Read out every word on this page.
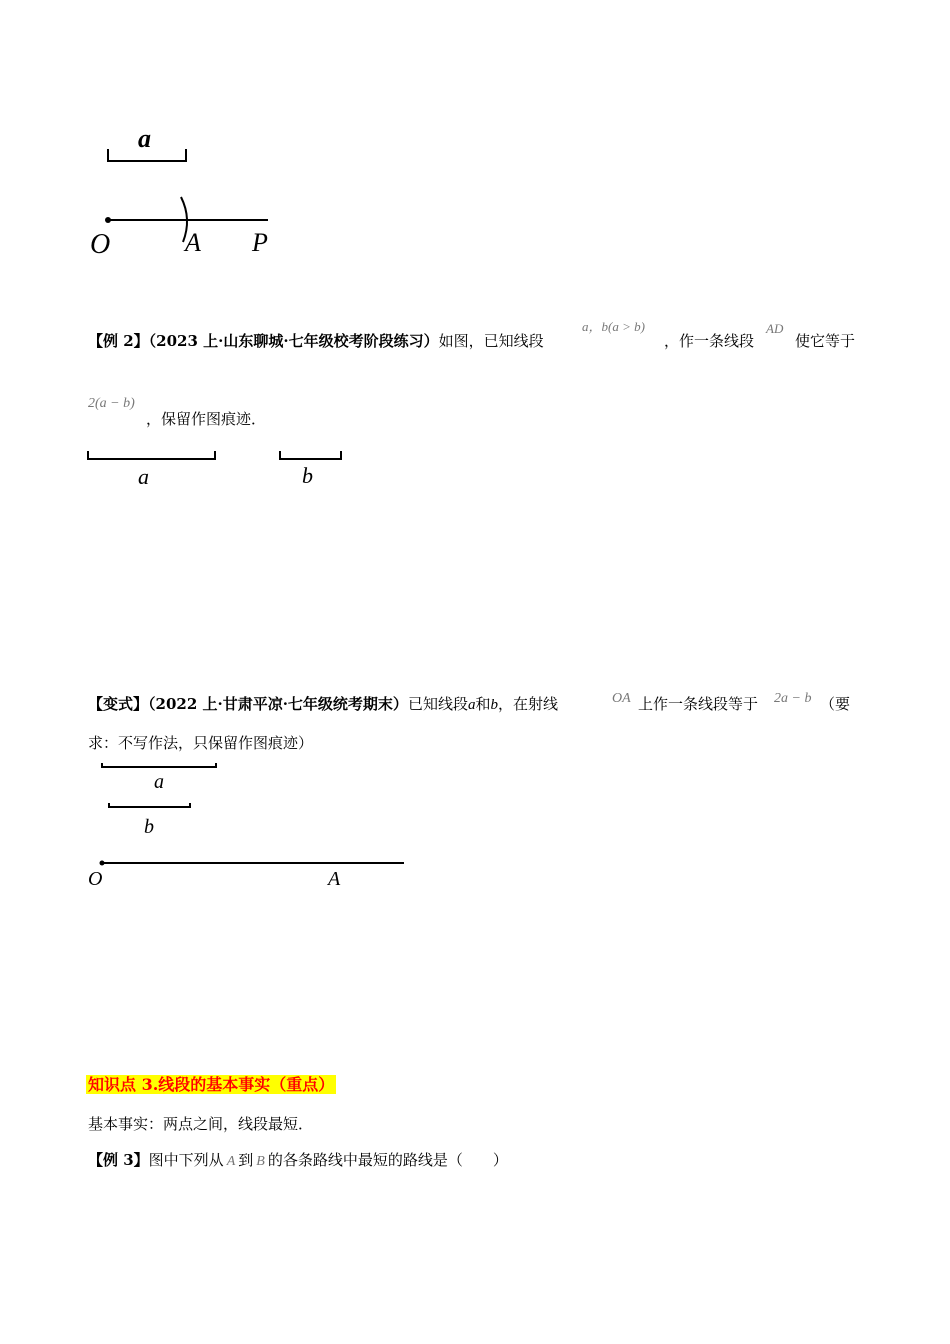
a
O	A P
【例 2】（2023 上·山东聊城·七年级校考阶段练习）如图，已知线段
a，b(a > b)
，作一条线段
AD
使它等于
2(a − b)
，保留作图痕迹．
a	b
【变式】（2022 上·甘肃平凉·七年级统考期末）已知线段a和b，在射线	OA 上作一条线段等于 2a − b （要
求：不写作法，只保留作图痕迹）
a
b
O	A
知识点 3.线段的基本事实（重点）
基本事实：两点之间，线段最短．
【例 3】图中下列从 A 到 B 的各条路线中最短的路线是（　　）
